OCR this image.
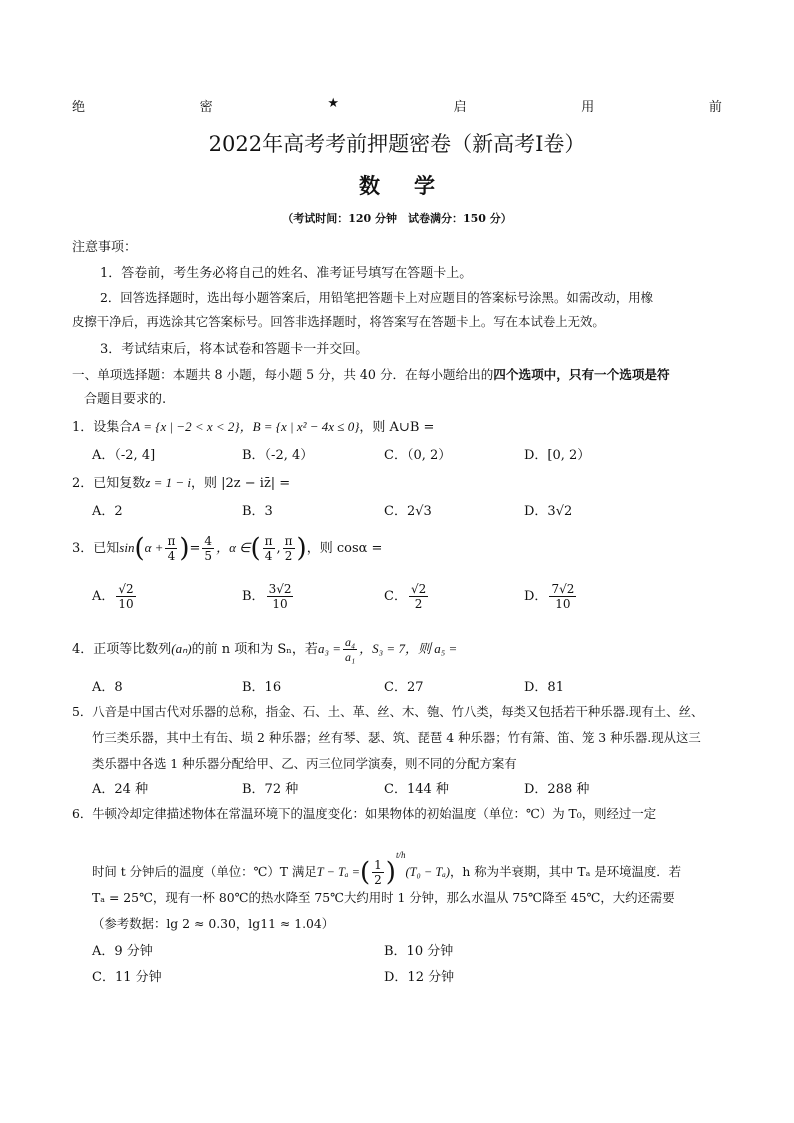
绝	密	★	启	用	前
2022年高考考前押题密卷（新高考Ⅰ卷）
数学
（考试时间：120 分钟　试卷满分：150 分）
注意事项：
1．答卷前，考生务必将自己的姓名、准考证号填写在答题卡上。
2．回答选择题时，选出每小题答案后，用铅笔把答题卡上对应题目的答案标号涂黑。如需改动，用橡
皮擦干净后，再选涂其它答案标号。回答非选择题时，将答案写在答题卡上。写在本试卷上无效。
3．考试结束后，将本试卷和答题卡一并交回。
一、单项选择题：本题共 8 小题，每小题 5 分，共 40 分．在每小题给出的四个选项中，只有一个选项是符
合题目要求的.
1．设集合A = {x | −2 < x < 2}，B = {x | x² − 4x ≤ 0}，则 A∪B =
A．（-2, 4]	B．（-2, 4）	C．（0, 2）	D．[0, 2）
2．已知复数z = 1 − i，则 |2z − iz̄| =
A．2	B．3	C．2√3	D．3√2
3．已知$\sin(\alpha + \frac{\pi}{4}$ )= $\frac{4}{5}$ ，α ∈( $\frac{\pi}{4}$ , $\frac{\pi}{2}$ )，则 cosα =
A． $\frac{√2}{10}$	B． $\frac{3√2}{10}$	C． $\frac{√2}{2}$	D． $\frac{7√2}{10}$
4．正项等比数列(aₙ)的前 n 项和为 Sₙ，若$a_3 = \frac{\text{a₄}}{\text{a₁}}$ ，S₃ = 7，则 a₅ =
A．8	B．16	C．27	D．81
5．八音是中国古代对乐器的总称，指金、石、土、革、丝、木、匏、竹八类，每类又包括若干种乐器.现有土、丝、
竹三类乐器，其中土有缶、埙 2 种乐器；丝有琴、瑟、筑、琵琶 4 种乐器；竹有箫、笛、笼 3 种乐器.现从这三
类乐器中各选 1 种乐器分配给甲、乙、丙三位同学演奏，则不同的分配方案有
A．24 种	B．72 种	C．144 种	D．288 种
6．牛顿冷却定律描述物体在常温环境下的温度变化：如果物体的初始温度（单位：℃）为 T₀，则经过一定
时间 t 分钟后的温度（单位：℃）T 满足T − Tₐ =( $\frac{1}{2} )^{t/h}(T_0 - T_a)$，h 称为半衰期，其中 Tₐ 是环境温度．若
Tₐ = 25℃，现有一杯 80℃的热水降至 75℃大约用时 1 分钟，那么水温从 75℃降至 45℃，大约还需要
（参考数据：lg 2 ≈ 0.30，lg11 ≈ 1.04）
A．9 分钟	B．10 分钟
C．11 分钟	D．12 分钟
